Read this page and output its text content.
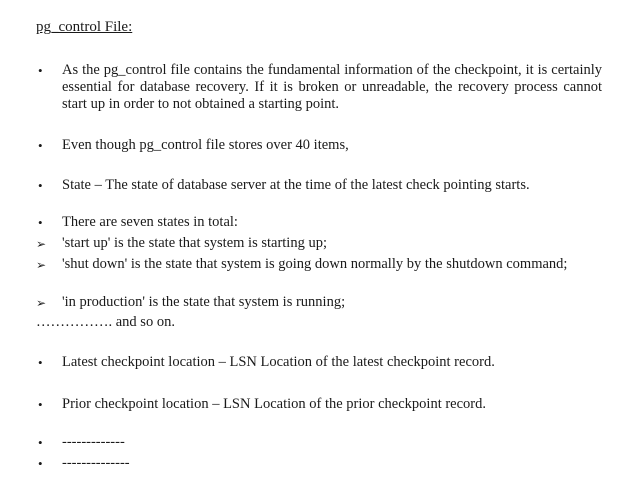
pg_control File:
•	As the pg_control file contains the fundamental information of the checkpoint, it is certainly essential for database recovery. If it is broken or unreadable, the recovery process cannot start up in order to not obtained a starting point.
•	Even though pg_control file stores over 40 items,
•	State – The state of database server at the time of the latest check pointing starts.
•	There are seven states in total:
➢	'start up' is the state that system is starting up;
➢	'shut down' is the state that system is going down normally by the shutdown command;
➢	'in production' is the state that system is running;
……………. and so on.
•	Latest checkpoint location – LSN Location of the latest checkpoint record.
•	Prior checkpoint location – LSN Location of the prior checkpoint record.
•	-------------
•	--------------
